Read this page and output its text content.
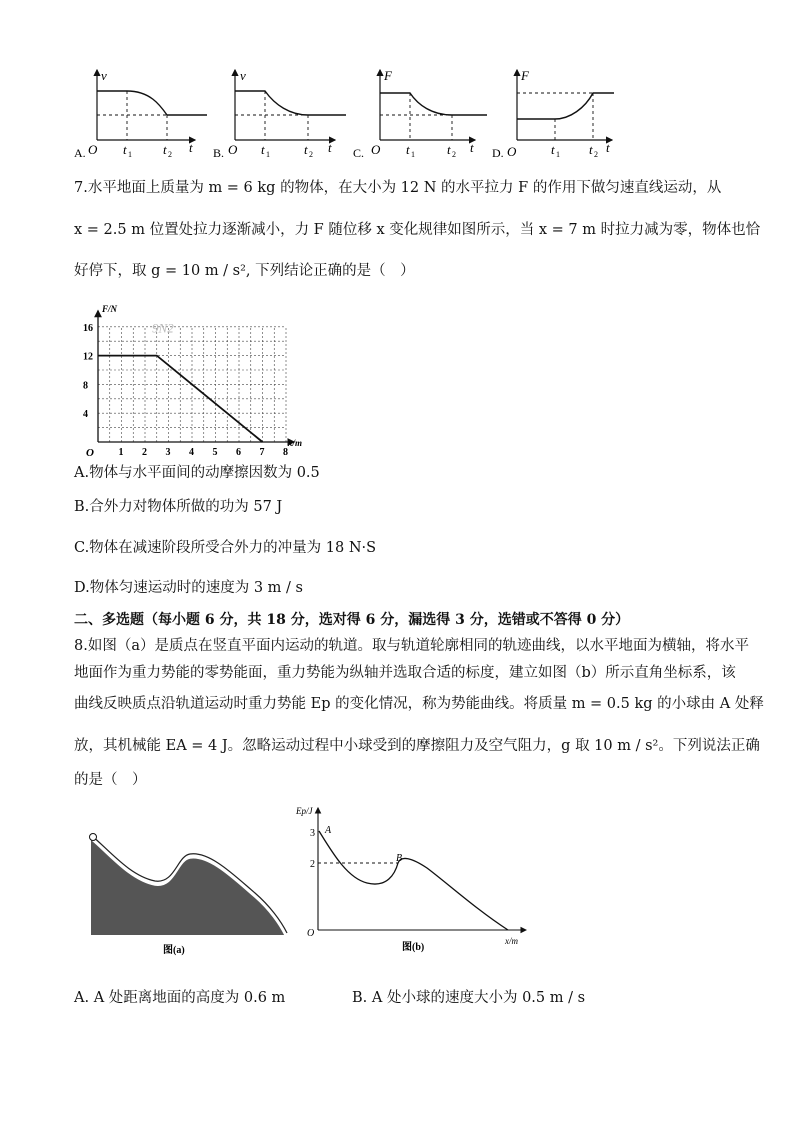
v
O t 1 t 2 t
A.
v
O t 1	t 2 t
B.
F
O t 1 t 2 t
C.
F
O	t 1 t 2 t
D.
7.水平地面上质量为 m = 6 kg 的物体，在大小为 12 N 的水平拉力 F 的作用下做匀速直线运动，从
x = 2.5 m 位置处拉力逐渐减小，力 F 随位移 x 变化规律如图所示，当 x = 7 m 时拉力减为零，物体也恰
好停下，取 g = 10 m / s², 下列结论正确的是（　）
4
8
12
16
1 2 3 4 5 6 7 8
O
F/N
x/m
9N2
A.物体与水平面间的动摩擦因数为 0.5
B.合外力对物体所做的功为 57 J
C.物体在减速阶段所受合外力的冲量为 18 N·S
D.物体匀速运动时的速度为 3 m / s
二、多选题（每小题 6 分，共 18 分，选对得 6 分，漏选得 3 分，选错或不答得 0 分）
8.如图（a）是质点在竖直平面内运动的轨道。取与轨道轮廓相同的轨迹曲线，以水平地面为横轴，将水平
地面作为重力势能的零势能面，重力势能为纵轴并选取合适的标度，建立如图（b）所示直角坐标系，该
曲线反映质点沿轨道运动时重力势能 Ep 的变化情况，称为势能曲线。将质量 m = 0.5 kg 的小球由 A 处释
放，其机械能 EA = 4 J。忽略运动过程中小球受到的摩擦阻力及空气阻力，g 取 10 m / s²。下列说法正确
的是（　）
图(a)
Ep/J
3
2
A
B
O
x/m
图(b)
A. A 处距离地面的高度为 0.6 m	B. A 处小球的速度大小为 0.5 m / s
